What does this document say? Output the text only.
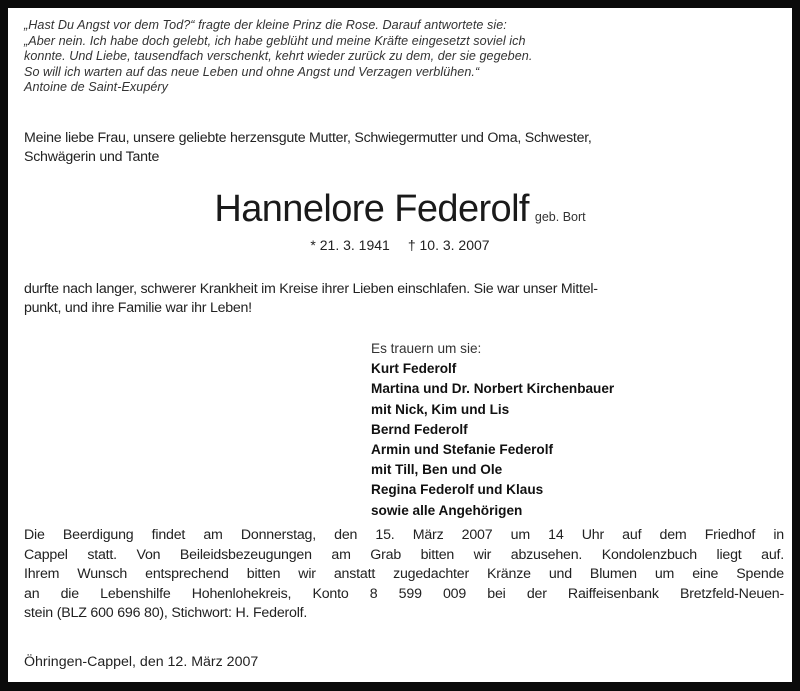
„Hast Du Angst vor dem Tod?“ fragte der kleine Prinz die Rose. Darauf antwortete sie:
„Aber nein. Ich habe doch gelebt, ich habe geblüht und meine Kräfte eingesetzt soviel ich
konnte. Und Liebe, tausendfach verschenkt, kehrt wieder zurück zu dem, der sie gegeben.
So will ich warten auf das neue Leben und ohne Angst und Verzagen verblühen.“
Antoine de Saint-Exupéry
Meine liebe Frau, unsere geliebte herzensgute Mutter, Schwiegermutter und Oma, Schwester,
Schwägerin und Tante
Hannelore Federolf geb. Bort
* 21. 3. 1941 † 10. 3. 2007
durfte nach langer, schwerer Krankheit im Kreise ihrer Lieben einschlafen. Sie war unser Mittel-
punkt, und ihre Familie war ihr Leben!
Es trauern um sie:
Kurt Federolf
Martina und Dr. Norbert Kirchenbauer
mit Nick, Kim und Lis
Bernd Federolf
Armin und Stefanie Federolf
mit Till, Ben und Ole
Regina Federolf und Klaus
sowie alle Angehörigen
Die Beerdigung findet am Donnerstag, den 15. März 2007 um 14 Uhr auf dem Friedhof in
Cappel statt. Von Beileidsbezeugungen am Grab bitten wir abzusehen. Kondolenzbuch liegt auf.
Ihrem Wunsch entsprechend bitten wir anstatt zugedachter Kränze und Blumen um eine Spende
an die Lebenshilfe Hohenlohekreis, Konto 8 599 009 bei der Raiffeisenbank Bretzfeld-Neuen-
stein (BLZ 600 696 80), Stichwort: H. Federolf.
Öhringen-Cappel, den 12. März 2007
